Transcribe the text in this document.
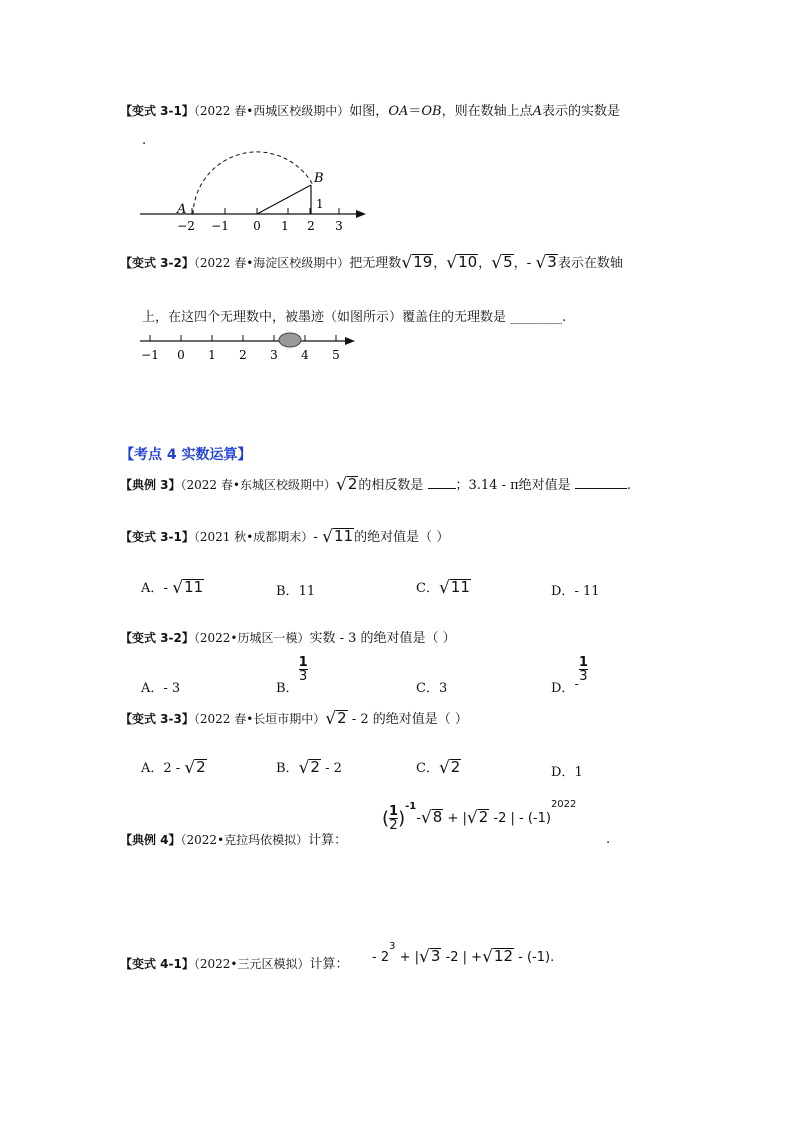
【变式 3-1】（2022 春•西城区校级期中）如图，OA＝OB，则在数轴上点A表示的实数是
.
A
B
1
−2 −1 0 1 2 3
【变式 3-2】（2022 春•海淀区校级期中）把无理数√19，√10，√5，- √3表示在数轴
上，在这四个无理数中，被墨迹（如图所示）覆盖住的无理数是 ________.
−1 0 1 2 3 4 5
【考点 4 实数运算】
【典例 3】（2022 春•东城区校级期中）√2的相反数是 ；3.14 - π绝对值是	.
【变式 3-1】（2021 秋•成都期末）- √11的绝对值是（ ）
A．- √11	B．11	C．√11	D．- 11
【变式 3-2】（2022•历城区一模）实数 - 3 的绝对值是（ ）
A．- 3	B．
$\frac{1}{3}$
C．3	D．-
$\frac{1}{3}$
【变式 3-3】（2022 春•长垣市期中）√2 - 2 的绝对值是（ ）
A．2 - √2	B．√2 - 2	C．√2	D．1
【典例 4】（2022•克拉玛依模拟）计算：
( $\frac{1}{2} )^{-1}-√8 + |√2$ -2 | - $(-1)^{2022}$
.
【变式 4-1】（2022•三元区模拟）计算： - $2^3 + |√3$ -2 | +√12 - (-1).
